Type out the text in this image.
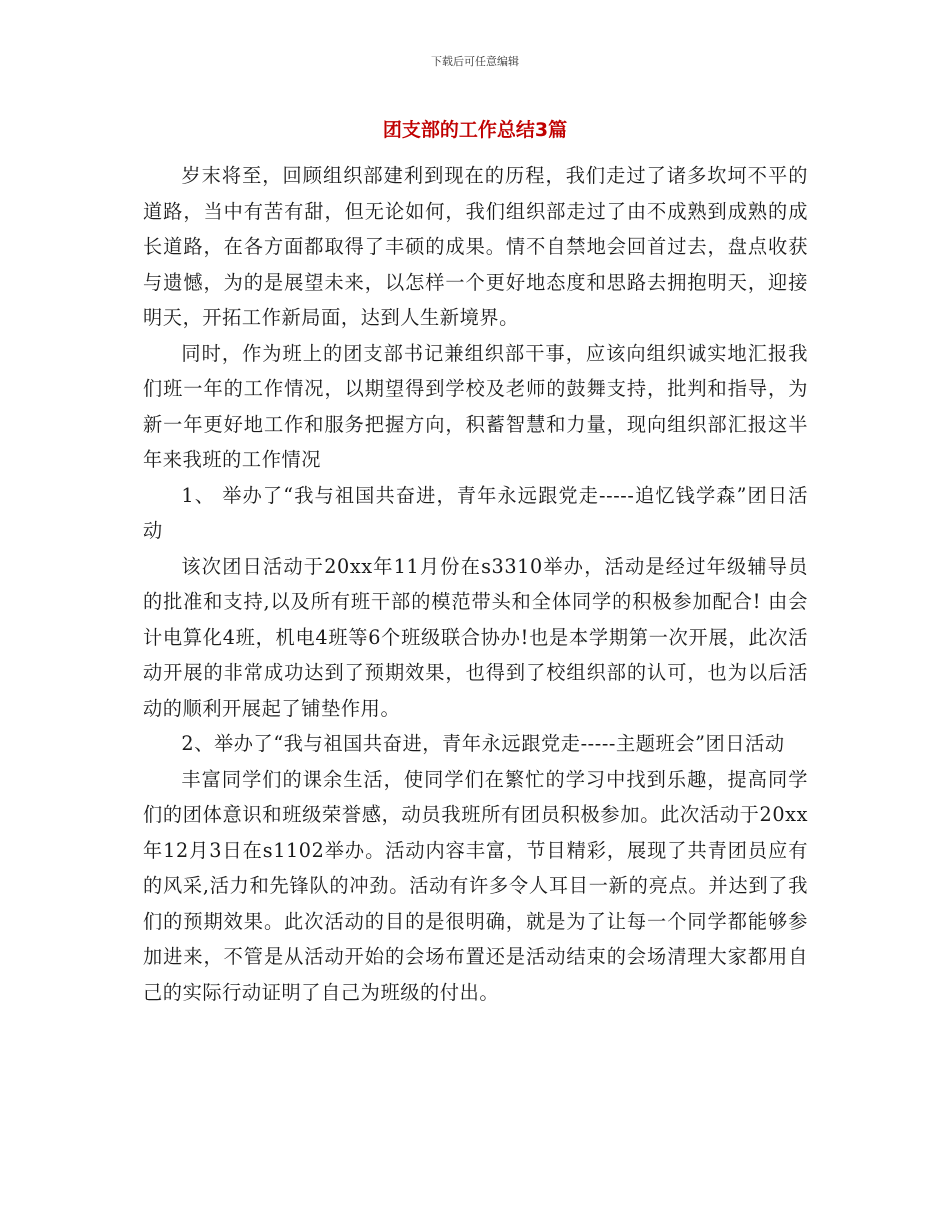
下载后可任意编辑
团支部的工作总结3篇

岁末将至，回顾组织部建利到现在的历程，我们走过了诸多坎坷不平的道路，当中有苦有甜，但无论如何，我们组织部走过了由不成熟到成熟的成长道路，在各方面都取得了丰硕的成果。情不自禁地会回首过去，盘点收获与遗憾，为的是展望未来，以怎样一个更好地态度和思路去拥抱明天，迎接明天，开拓工作新局面，达到人生新境界。

同时，作为班上的团支部书记兼组织部干事，应该向组织诚实地汇报我们班一年的工作情况，以期望得到学校及老师的鼓舞支持，批判和指导，为新一年更好地工作和服务把握方向，积蓄智慧和力量，现向组织部汇报这半年来我班的工作情况

1、 举办了“我与祖国共奋进，青年永远跟党走-----追忆钱学森”团日活动

该次团日活动于20xx年11月份在s3310举办，活动是经过年级辅导员的批准和支持,以及所有班干部的模范带头和全体同学的积极参加配合! 由会计电算化4班，机电4班等6个班级联合协办!也是本学期第一次开展，此次活动开展的非常成功达到了预期效果，也得到了校组织部的认可，也为以后活动的顺利开展起了铺垫作用。

2、举办了“我与祖国共奋进，青年永远跟党走-----主题班会”团日活动

丰富同学们的课余生活，使同学们在繁忙的学习中找到乐趣，提高同学们的团体意识和班级荣誉感，动员我班所有团员积极参加。此次活动于20xx年12月3日在s1102举办。活动内容丰富，节目精彩，展现了共青团员应有的风采,活力和先锋队的冲劲。活动有许多令人耳目一新的亮点。并达到了我们的预期效果。此次活动的目的是很明确，就是为了让每一个同学都能够参加进来，不管是从活动开始的会场布置还是活动结束的会场清理大家都用自己的实际行动证明了自己为班级的付出。
